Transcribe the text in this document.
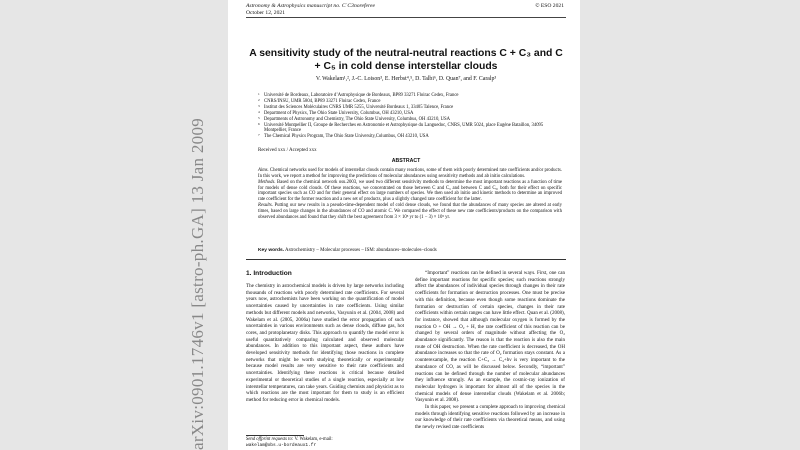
arXiv:0901.1746v1 [astro-ph.GA] 13 Jan 2009
Astronomy & Astrophysics manuscript no. C˙C3noreferee
October 12, 2021
© ESO 2021
A sensitivity study of the neutral-neutral reactions C + C₃ and C + C₅ in cold dense interstellar clouds
V. Wakelam¹,², J.-C. Loison³, E. Herbst⁴,⁵, D. Talbi⁶, D. Quan⁷, and F. Caralp³
1 Université de Bordeaux, Laboratoire d’Astrophysique de Bordeaux, BP89 33271 Floirac Cedex, France
2 CNRS/INSU, UMR 5804, BP89 33271 Floirac Cedex, France
3 Institut des Sciences Moléculaires CNRS UMR 5255, Université Bordeaux 1, 33405 Talence, France
4 Department of Physics, The Ohio State University, Columbus, OH 43210, USA
5 Departments of Astronomy and Chemistry, The Ohio State University, Columbus, OH 43210, USA
6 Université Montpellier II, Groupe de Recherches en Astronomie et Astrophysique du Languedoc, CNRS, UMR 5024, place Eugène Bataillon, 34095 Montpellier, France
7 The Chemical Physics Program, The Ohio State University,Columbus, OH 43210, USA
Received xxx / Accepted xxx
ABSTRACT

Aims. Chemical networks used for models of interstellar clouds contain many reactions, some of them with poorly determined rate coefficients and/or products. In this work, we report a method for improving the predictions of molecular abundances using sensitivity methods and ab initio calculations.

Methods. Based on the chemical network osu.2003, we used two different sensitivity methods to determine the most important reactions as a function of time for models of dense cold clouds. Of these reactions, we concentrated on those between C and C₃ and between C and C₅, both for their effect on specific important species such as CO and for their general effect on large numbers of species. We then used ab initio and kinetic methods to determine an improved rate coefficient for the former reaction and a new set of products, plus a slightly changed rate coefficient for the latter.

Results. Putting our new results in a pseudo-time-dependent model of cold dense clouds, we found that the abundances of many species are altered at early times, based on large changes in the abundances of CO and atomic C. We compared the effect of these new rate coefficients/products on the comparison with observed abundances and found that they shift the best agreement from 3 × 10⁵ yr to (1 − 3) × 10⁵ yr.

Key words. Astrochemistry – Molecular processes – ISM: abundances–molecules–clouds
1. Introduction

The chemistry in astrochemical models is driven by large networks including thousands of reactions with poorly determined rate coefficients. For several years now, astrochemists have been working on the quantification of model uncertainties caused by uncertainties in rate coefficients. Using similar methods but different models and networks, Vasyunin et al. (2004, 2008) and Wakelam et al. (2005, 2006a) have studied the error propagation of such uncertainties in various environments such as dense clouds, diffuse gas, hot cores, and protoplanetary disks. This approach to quantify the model error is useful quantitatively comparing calculated and observed molecular abundances. In addition to this important aspect, these authors have developed sensitivity methods for identifying those reactions in complete networks that might be worth studying theoretically or experimentally because model results are very sensitive to their rate coefficients and uncertainties. Identifying these reactions is critical because detailed experimental or theoretical studies of a single reaction, especially at low interstellar temperatures, can take years. Guiding chemists and physicist as to which reactions are the most important for them to study is an efficient method for reducing error in chemical models.

“Important” reactions can be defined in several ways. First, one can define important reactions for specific species; such reactions strongly affect the abundances of individual species through changes in their rate coefficients for formation or destruction processes. One must be precise with this definition, because even though some reactions dominate the formation or destruction of certain species, changes in their rate coefficients within certain ranges can have little effect. Quan et al. (2008), for instance, showed that although molecular oxygen is formed by the reaction O + OH → O₂ + H, the rate coefficient of this reaction can be changed by several orders of magnitude without affecting the O₂ abundance significantly. The reason is that the reaction is also the main route of OH destruction. When the rate coefficient is decreased, the OH abundance increases so that the rate of O₂ formation stays constant. As a counterexample, the reaction C+C₃ → C₄+hν is very important to the abundance of CO, as will be discussed below. Secondly, “important” reactions can be defined through the number of molecular abundances they influence strongly. As an example, the cosmic-ray ionization of molecular hydrogen is important for almost all of the species in the chemical models of dense interstellar clouds (Wakelam et al. 2006b; Vasyunin et al. 2008).

In this paper, we present a complete approach to improving chemical models through identifying sensitive reactions followed by an increase in our knowledge of their rate coefficients via theoretical means, and using the newly revised rate coefficients

Send offprint requests to: V. Wakelam, e-mail:
wakelam@obs.u-bordeaux1.fr
